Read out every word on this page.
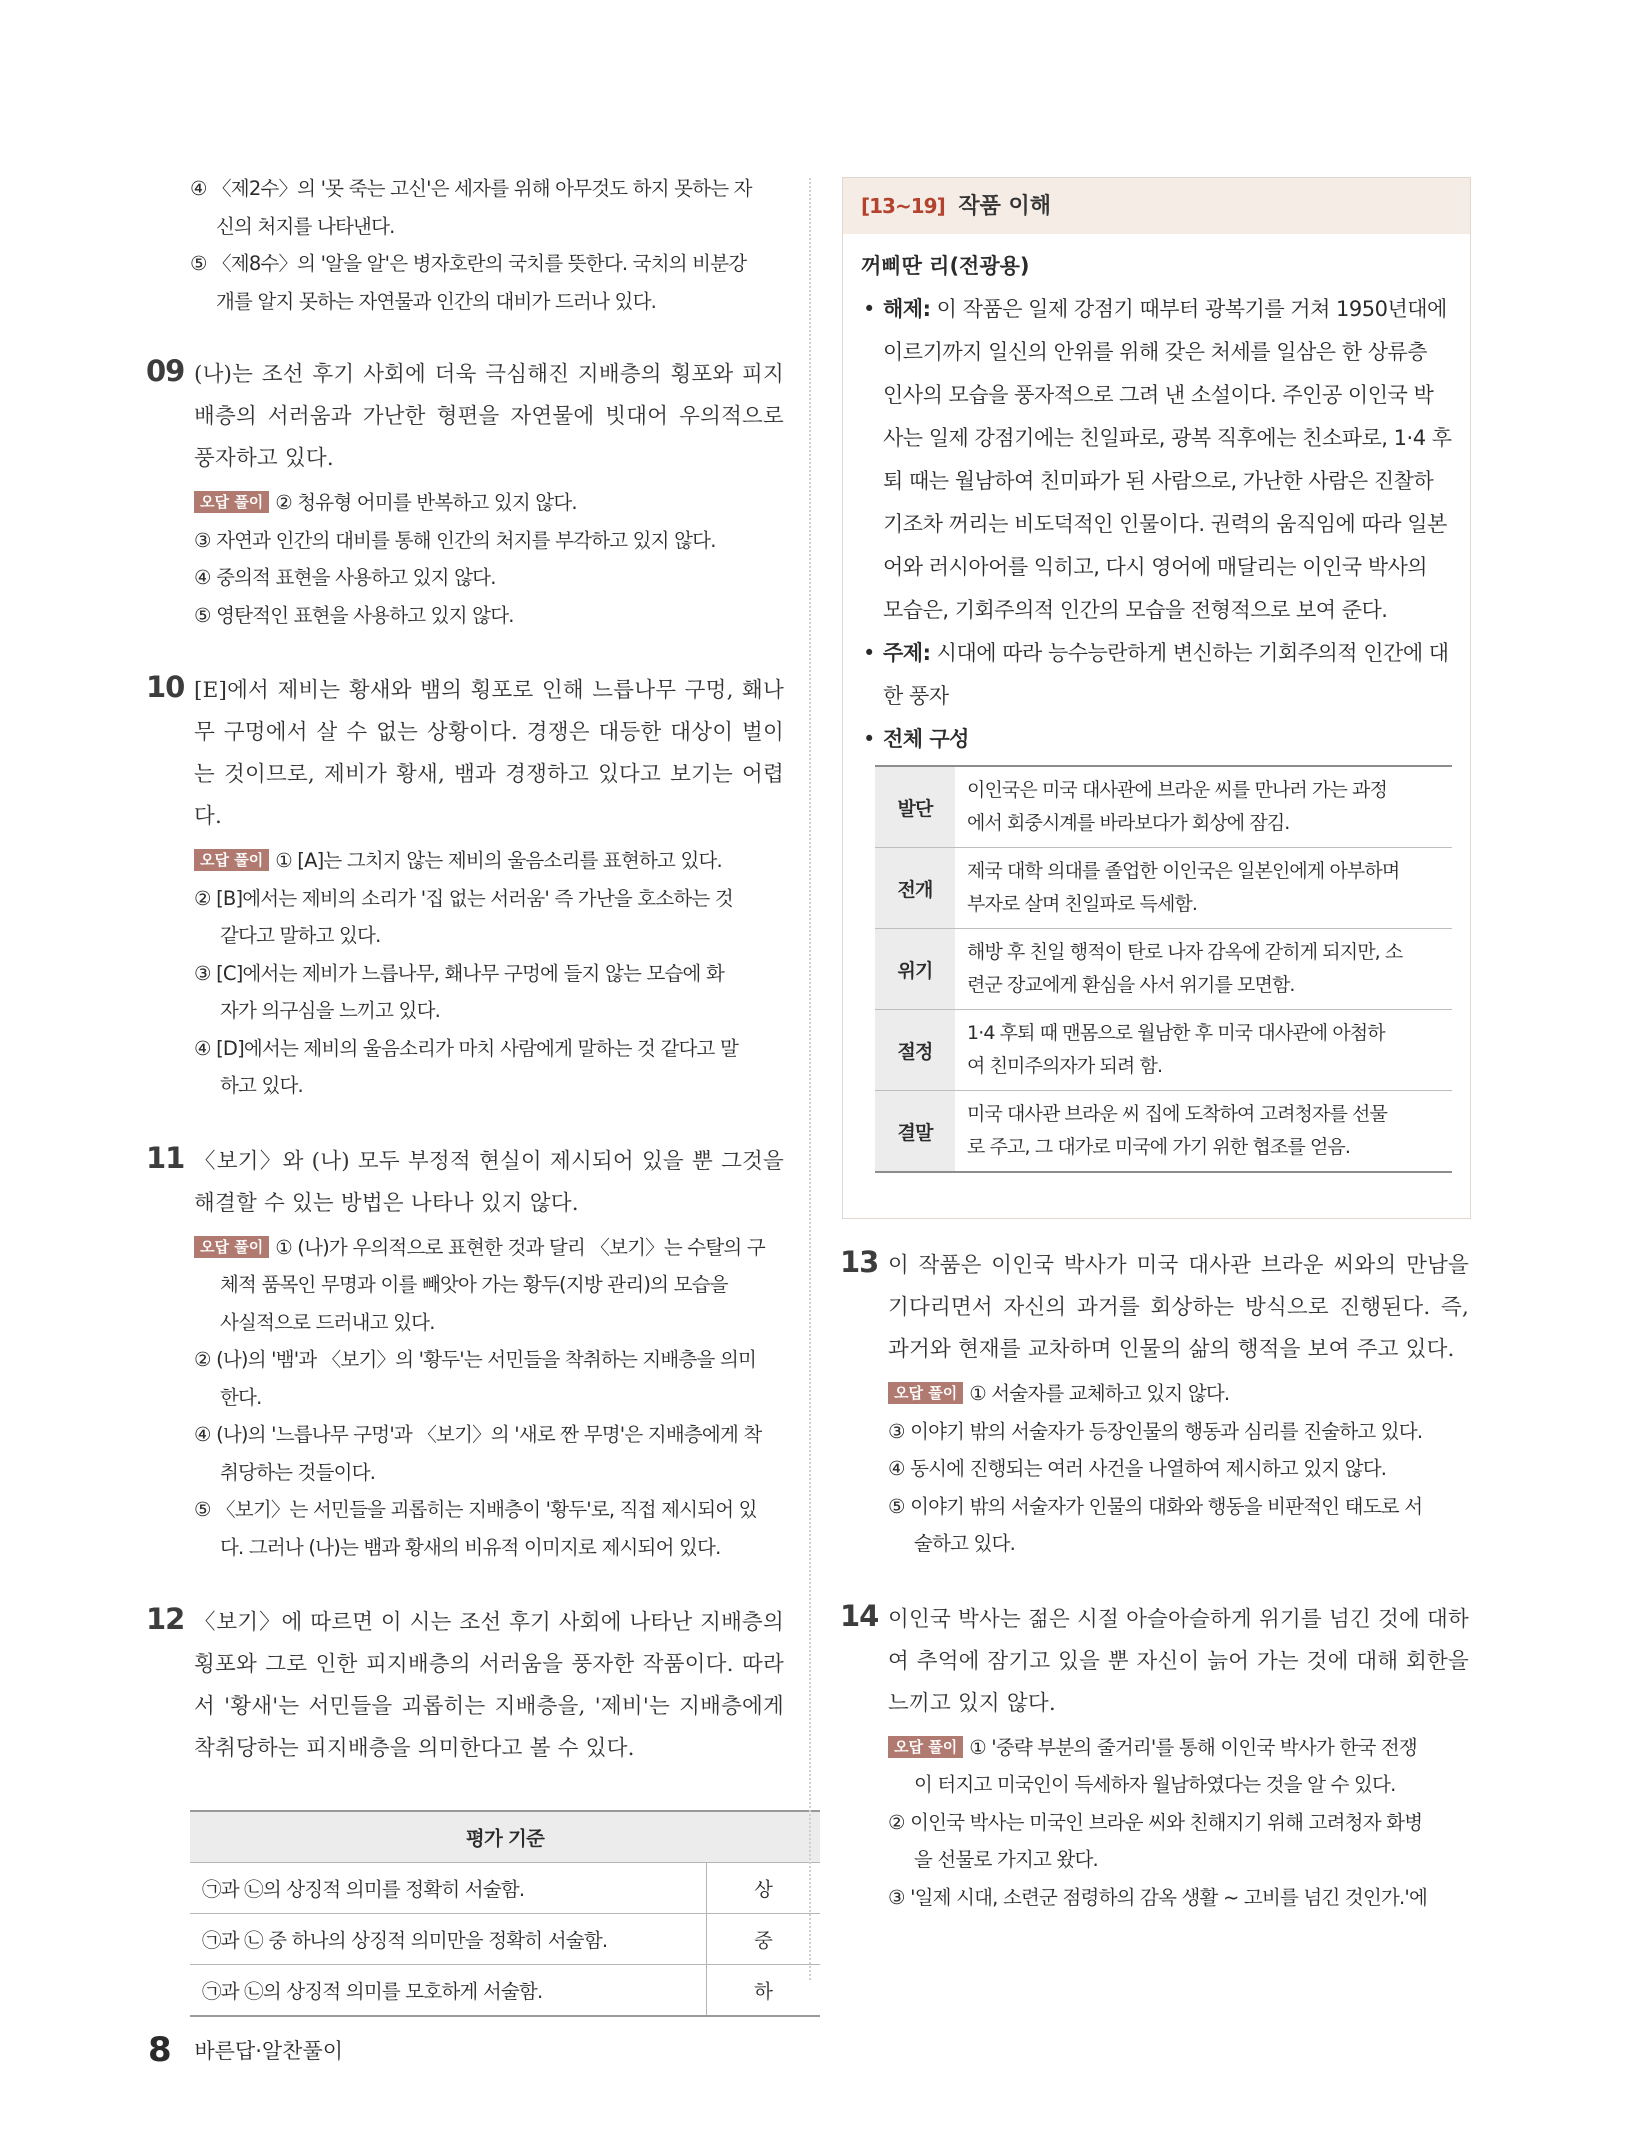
④ 〈제2수〉의 '못 죽는 고신'은 세자를 위해 아무것도 하지 못하는 자
신의 처지를 나타낸다.
⑤ 〈제8수〉의 '알을 알'은 병자호란의 국치를 뜻한다. 국치의 비분강
개를 알지 못하는 자연물과 인간의 대비가 드러나 있다.
09 (나)는 조선 후기 사회에 더욱 극심해진 지배층의 횡포와 피지배층의 서러움과 가난한 형편을 자연물에 빗대어 우의적으로 풍자하고 있다.
오답 풀이 ② 청유형 어미를 반복하고 있지 않다.
③ 자연과 인간의 대비를 통해 인간의 처지를 부각하고 있지 않다.
④ 중의적 표현을 사용하고 있지 않다.
⑤ 영탄적인 표현을 사용하고 있지 않다.
10 [E]에서 제비는 황새와 뱀의 횡포로 인해 느릅나무 구멍, 홰나무 구멍에서 살 수 없는 상황이다. 경쟁은 대등한 대상이 벌이는 것이므로, 제비가 황새, 뱀과 경쟁하고 있다고 보기는 어렵다.
오답 풀이 ① [A]는 그치지 않는 제비의 울음소리를 표현하고 있다.
② [B]에서는 제비의 소리가 '집 없는 서러움' 즉 가난을 호소하는 것
같다고 말하고 있다.
③ [C]에서는 제비가 느릅나무, 홰나무 구멍에 들지 않는 모습에 화
자가 의구심을 느끼고 있다.
④ [D]에서는 제비의 울음소리가 마치 사람에게 말하는 것 같다고 말
하고 있다.
11 〈보기〉와 (나) 모두 부정적 현실이 제시되어 있을 뿐 그것을 해결할 수 있는 방법은 나타나 있지 않다.
오답 풀이 ① (나)가 우의적으로 표현한 것과 달리 〈보기〉는 수탈의 구
체적 품목인 무명과 이를 빼앗아 가는 황두(지방 관리)의 모습을
사실적으로 드러내고 있다.
② (나)의 '뱀'과 〈보기〉의 '황두'는 서민들을 착취하는 지배층을 의미
한다.
④ (나)의 '느릅나무 구멍'과 〈보기〉의 '새로 짠 무명'은 지배층에게 착
취당하는 것들이다.
⑤ 〈보기〉는 서민들을 괴롭히는 지배층이 '황두'로, 직접 제시되어 있
다. 그러나 (나)는 뱀과 황새의 비유적 이미지로 제시되어 있다.
12 〈보기〉에 따르면 이 시는 조선 후기 사회에 나타난 지배층의 횡포와 그로 인한 피지배층의 서러움을 풍자한 작품이다. 따라서 '황새'는 서민들을 괴롭히는 지배층을, '제비'는 지배층에게 착취당하는 피지배층을 의미한다고 볼 수 있다.
평가 기준	
㉠과 ㉡의 상징적 의미를 정확히 서술함.	상
㉠과 ㉡ 중 하나의 상징적 의미만을 정확히 서술함.	중
㉠과 ㉡의 상징적 의미를 모호하게 서술함.	하
[13~19] 작품 이해
꺼삐딴 리(전광용)
• 해제: 이 작품은 일제 강점기 때부터 광복기를 거쳐 1950년대에 이르기까지 일신의 안위를 위해 갖은 처세를 일삼은 한 상류층 인사의 모습을 풍자적으로 그려 낸 소설이다. 주인공 이인국 박사는 일제 강점기에는 친일파로, 광복 직후에는 친소파로, 1·4 후퇴 때는 월남하여 친미파가 된 사람으로, 가난한 사람은 진찰하기조차 꺼리는 비도덕적인 인물이다. 권력의 움직임에 따라 일본어와 러시아어를 익히고, 다시 영어에 매달리는 이인국 박사의 모습은, 기회주의적 인간의 모습을 전형적으로 보여 준다.
• 주제: 시대에 따라 능수능란하게 변신하는 기회주의적 인간에 대한 풍자
• 전체 구성
발단	이인국은 미국 대사관에 브라운 씨를 만나러 가는 과정
에서 회중시계를 바라보다가 회상에 잠김.

전개	제국 대학 의대를 졸업한 이인국은 일본인에게 아부하며
부자로 살며 친일파로 득세함.

위기	해방 후 친일 행적이 탄로 나자 감옥에 갇히게 되지만, 소
련군 장교에게 환심을 사서 위기를 모면함.

절정	1·4 후퇴 때 맨몸으로 월남한 후 미국 대사관에 아첨하
여 친미주의자가 되려 함.

결말	미국 대사관 브라운 씨 집에 도착하여 고려청자를 선물
로 주고, 그 대가로 미국에 가기 위한 협조를 얻음.
13 이 작품은 이인국 박사가 미국 대사관 브라운 씨와의 만남을 기다리면서 자신의 과거를 회상하는 방식으로 진행된다. 즉, 과거와 현재를 교차하며 인물의 삶의 행적을 보여 주고 있다.
오답 풀이 ① 서술자를 교체하고 있지 않다.
③ 이야기 밖의 서술자가 등장인물의 행동과 심리를 진술하고 있다.
④ 동시에 진행되는 여러 사건을 나열하여 제시하고 있지 않다.
⑤ 이야기 밖의 서술자가 인물의 대화와 행동을 비판적인 태도로 서
술하고 있다.
14 이인국 박사는 젊은 시절 아슬아슬하게 위기를 넘긴 것에 대하여 추억에 잠기고 있을 뿐 자신이 늙어 가는 것에 대해 회한을 느끼고 있지 않다.
오답 풀이 ① '중략 부분의 줄거리'를 통해 이인국 박사가 한국 전쟁
이 터지고 미국인이 득세하자 월남하였다는 것을 알 수 있다.
② 이인국 박사는 미국인 브라운 씨와 친해지기 위해 고려청자 화병
을 선물로 가지고 왔다.
③ '일제 시대, 소련군 점령하의 감옥 생활 ~ 고비를 넘긴 것인가.'에
8 바른답·알찬풀이
